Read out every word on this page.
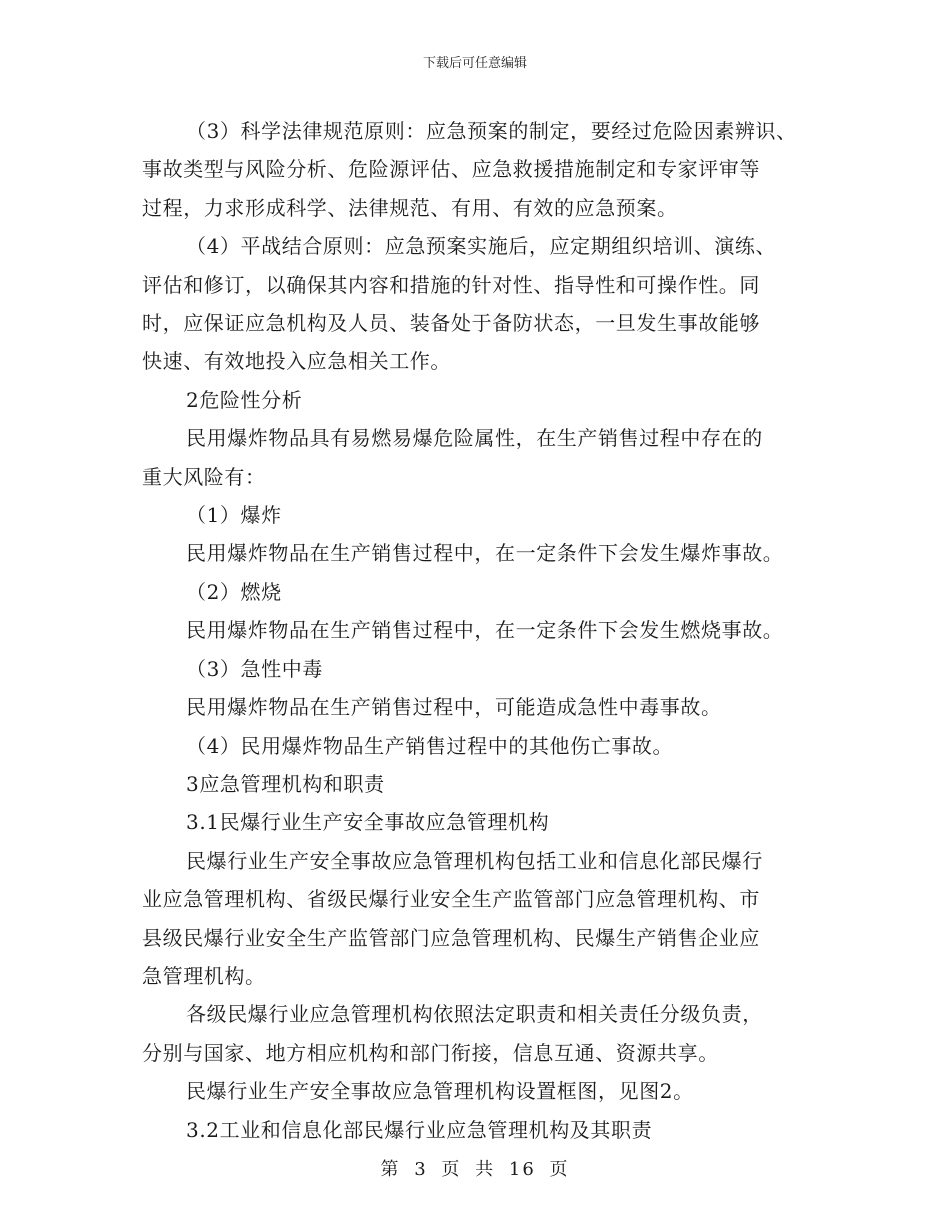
下载后可任意编辑

（3）科学法律规范原则：应急预案的制定，要经过危险因素辨识、

事故类型与风险分析、危险源评估、应急救援措施制定和专家评审等

过程，力求形成科学、法律规范、有用、有效的应急预案。

（4）平战结合原则：应急预案实施后，应定期组织培训、演练、

评估和修订，以确保其内容和措施的针对性、指导性和可操作性。同

时，应保证应急机构及人员、装备处于备防状态，一旦发生事故能够

快速、有效地投入应急相关工作。

2危险性分析

民用爆炸物品具有易燃易爆危险属性，在生产销售过程中存在的

重大风险有：

（1）爆炸

民用爆炸物品在生产销售过程中，在一定条件下会发生爆炸事故。

（2）燃烧

民用爆炸物品在生产销售过程中，在一定条件下会发生燃烧事故。

（3）急性中毒

民用爆炸物品在生产销售过程中，可能造成急性中毒事故。

（4）民用爆炸物品生产销售过程中的其他伤亡事故。

3应急管理机构和职责

3.1民爆行业生产安全事故应急管理机构

民爆行业生产安全事故应急管理机构包括工业和信息化部民爆行

业应急管理机构、省级民爆行业安全生产监管部门应急管理机构、市

县级民爆行业安全生产监管部门应急管理机构、民爆生产销售企业应

急管理机构。

各级民爆行业应急管理机构依照法定职责和相关责任分级负责，

分别与国家、地方相应机构和部门衔接，信息互通、资源共享。

民爆行业生产安全事故应急管理机构设置框图，见图2。

3.2工业和信息化部民爆行业应急管理机构及其职责

第 3 页 共 16 页
